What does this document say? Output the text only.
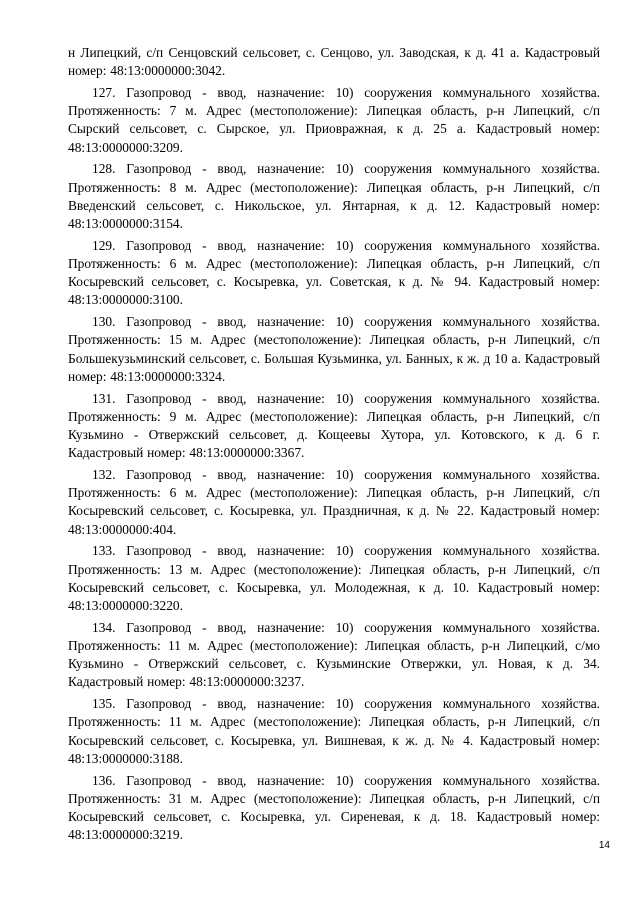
н Липецкий, с/п Сенцовский сельсовет, с. Сенцово, ул. Заводская, к д. 41 а. Кадастровый номер: 48:13:0000000:3042.

127. Газопровод - ввод, назначение: 10) сооружения коммунального хозяйства. Протяженность: 7 м. Адрес (местоположение): Липецкая область, р-н Липецкий, с/п Сырский сельсовет, с. Сырское, ул. Приовражная, к д. 25 а. Кадастровый номер: 48:13:0000000:3209.

128. Газопровод - ввод, назначение: 10) сооружения коммунального хозяйства. Протяженность: 8 м. Адрес (местоположение): Липецкая область, р-н Липецкий, с/п Введенский сельсовет, с. Никольское, ул. Янтарная, к д. 12. Кадастровый номер: 48:13:0000000:3154.

129. Газопровод - ввод, назначение: 10) сооружения коммунального хозяйства. Протяженность: 6 м. Адрес (местоположение): Липецкая область, р-н Липецкий, с/п Косыревский сельсовет, с. Косыревка, ул. Советская, к д. № 94. Кадастровый номер: 48:13:0000000:3100.

130. Газопровод - ввод, назначение: 10) сооружения коммунального хозяйства. Протяженность: 15 м. Адрес (местоположение): Липецкая область, р-н Липецкий, с/п Большекузьминский сельсовет, с. Большая Кузьминка, ул. Банных, к ж. д 10 а. Кадастровый номер: 48:13:0000000:3324.

131. Газопровод - ввод, назначение: 10) сооружения коммунального хозяйства. Протяженность: 9 м. Адрес (местоположение): Липецкая область, р-н Липецкий, с/п Кузьмино - Отвержский сельсовет, д. Кощеевы Хутора, ул. Котовского, к д. 6 г. Кадастровый номер: 48:13:0000000:3367.

132. Газопровод - ввод, назначение: 10) сооружения коммунального хозяйства. Протяженность: 6 м. Адрес (местоположение): Липецкая область, р-н Липецкий, с/п Косыревский сельсовет, с. Косыревка, ул. Праздничная, к д. № 22. Кадастровый номер: 48:13:0000000:404.

133. Газопровод - ввод, назначение: 10) сооружения коммунального хозяйства. Протяженность: 13 м. Адрес (местоположение): Липецкая область, р-н Липецкий, с/п Косыревский сельсовет, с. Косыревка, ул. Молодежная, к д. 10. Кадастровый номер: 48:13:0000000:3220.

134. Газопровод - ввод, назначение: 10) сооружения коммунального хозяйства. Протяженность: 11 м. Адрес (местоположение): Липецкая область, р-н Липецкий, с/мо Кузьмино - Отвержский сельсовет, с. Кузьминские Отвержки, ул. Новая, к д. 34. Кадастровый номер: 48:13:0000000:3237.

135. Газопровод - ввод, назначение: 10) сооружения коммунального хозяйства. Протяженность: 11 м. Адрес (местоположение): Липецкая область, р-н Липецкий, с/п Косыревский сельсовет, с. Косыревка, ул. Вишневая, к ж. д. № 4. Кадастровый номер: 48:13:0000000:3188.

136. Газопровод - ввод, назначение: 10) сооружения коммунального хозяйства. Протяженность: 31 м. Адрес (местоположение): Липецкая область, р-н Липецкий, с/п Косыревский сельсовет, с. Косыревка, ул. Сиреневая, к д. 18. Кадастровый номер: 48:13:0000000:3219.

14
